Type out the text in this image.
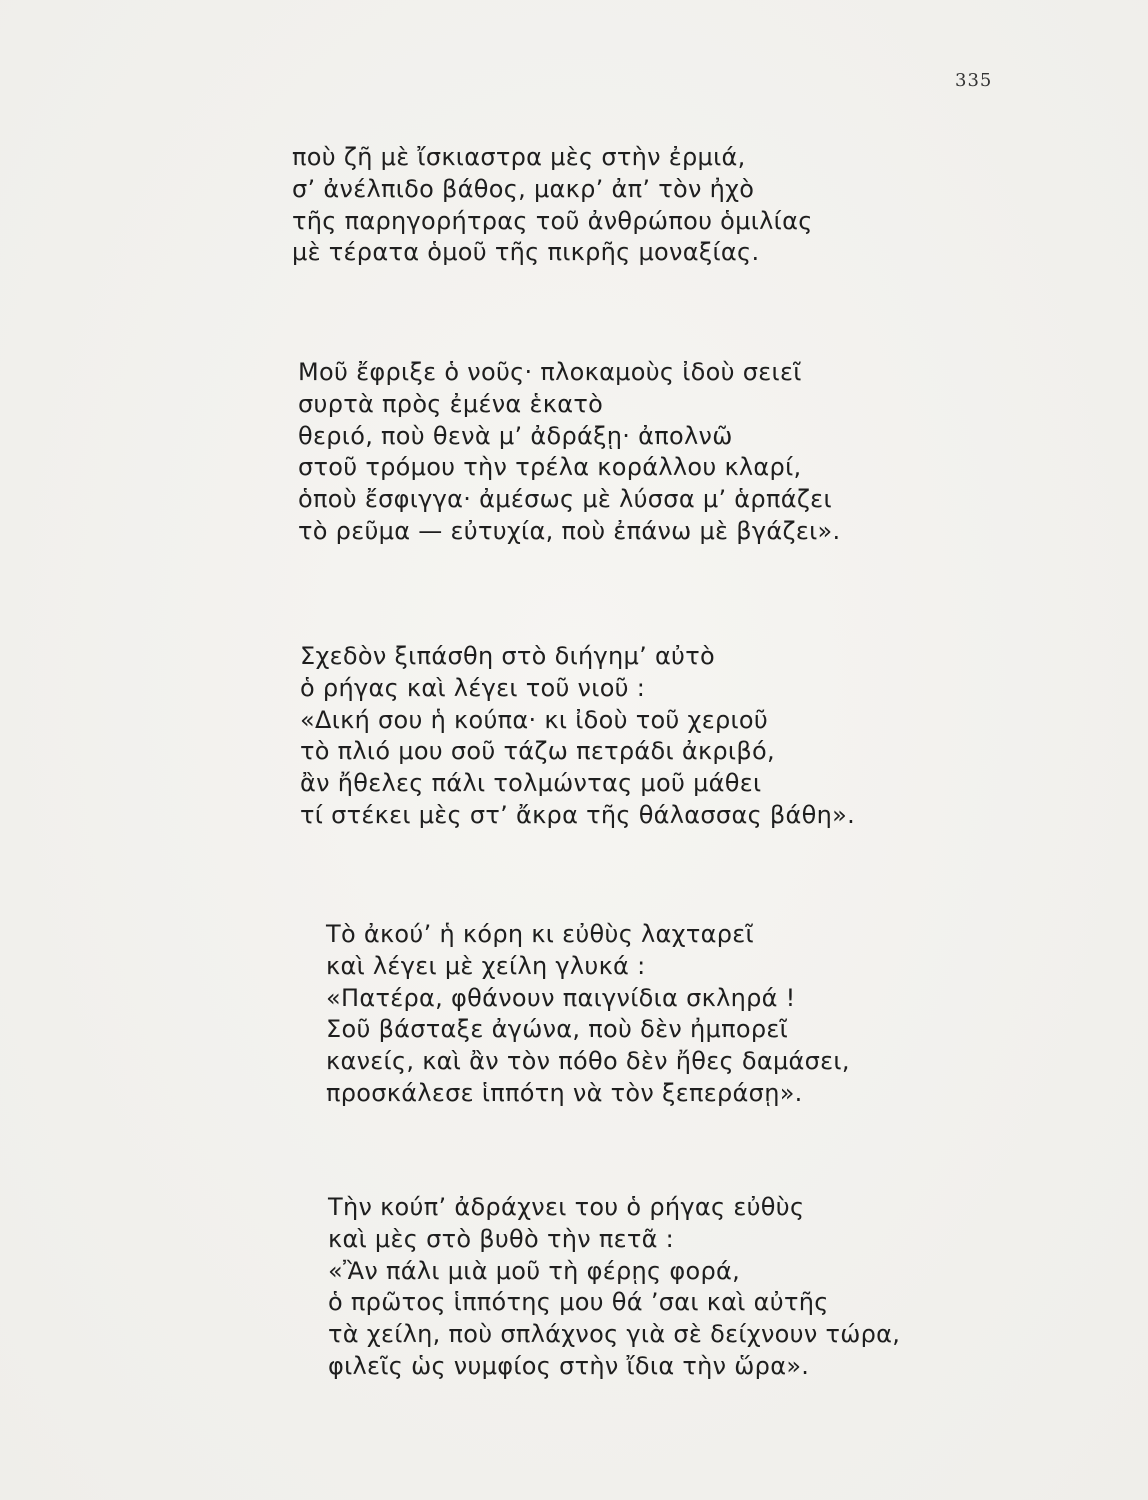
335
ποὺ ζῆ μὲ ἴσκιαστρα μὲς στὴν ἐρμιά,
σ’ ἀνέλπιδο βάθος, μακρ’ ἀπ’ τὸν ἠχὸ
τῆς παρηγορήτρας τοῦ ἀνθρώπου ὁμιλίας
μὲ τέρατα ὁμοῦ τῆς πικρῆς μοναξίας.
Μοῦ ἔφριξε ὁ νοῦς· πλοκαμοὺς ἰδοὺ σειεῖ
συρτὰ πρὸς ἐμένα ἑκατὸ
θεριό, ποὺ θενὰ μ’ ἀδράξῃ· ἀπολνῶ
στοῦ τρόμου τὴν τρέλα κοράλλου κλαρί,
ὁποὺ ἔσφιγγα· ἀμέσως μὲ λύσσα μ’ ἁρπάζει
τὸ ρεῦμα — εὐτυχία, ποὺ ἐπάνω μὲ βγάζει».
Σχεδὸν ξιπάσθη στὸ διήγημ’ αὐτὸ
ὁ ρήγας καὶ λέγει τοῦ νιοῦ :
«Δική σου ἡ κούπα· κι ἰδοὺ τοῦ χεριοῦ
τὸ πλιό μου σοῦ τάζω πετράδι ἀκριβό,
ἂν ἤθελες πάλι τολμώντας μοῦ μάθει
τί στέκει μὲς στ’ ἄκρα τῆς θάλασσας βάθη».
Τὸ ἀκού’ ἡ κόρη κι εὐθὺς λαχταρεῖ
καὶ λέγει μὲ χείλη γλυκά :
«Πατέρα, φθάνουν παιγνίδια σκληρά !
Σοῦ βάσταξε ἀγώνα, ποὺ δὲν ἠμπορεῖ
κανείς, καὶ ἂν τὸν πόθο δὲν ἤθες δαμάσει,
προσκάλεσε ἱππότη νὰ τὸν ξεπεράσῃ».
Τὴν κούπ’ ἀδράχνει του ὁ ρήγας εὐθὺς
καὶ μὲς στὸ βυθὸ τὴν πετᾶ :
«Ἂν πάλι μιὰ μοῦ τὴ φέρῃς φορά,
ὁ πρῶτος ἱππότης μου θά ’σαι καὶ αὐτῆς
τὰ χείλη, ποὺ σπλάχνος γιὰ σὲ δείχνουν τώρα,
φιλεῖς ὡς νυμφίος στὴν ἴδια τὴν ὥρα».
